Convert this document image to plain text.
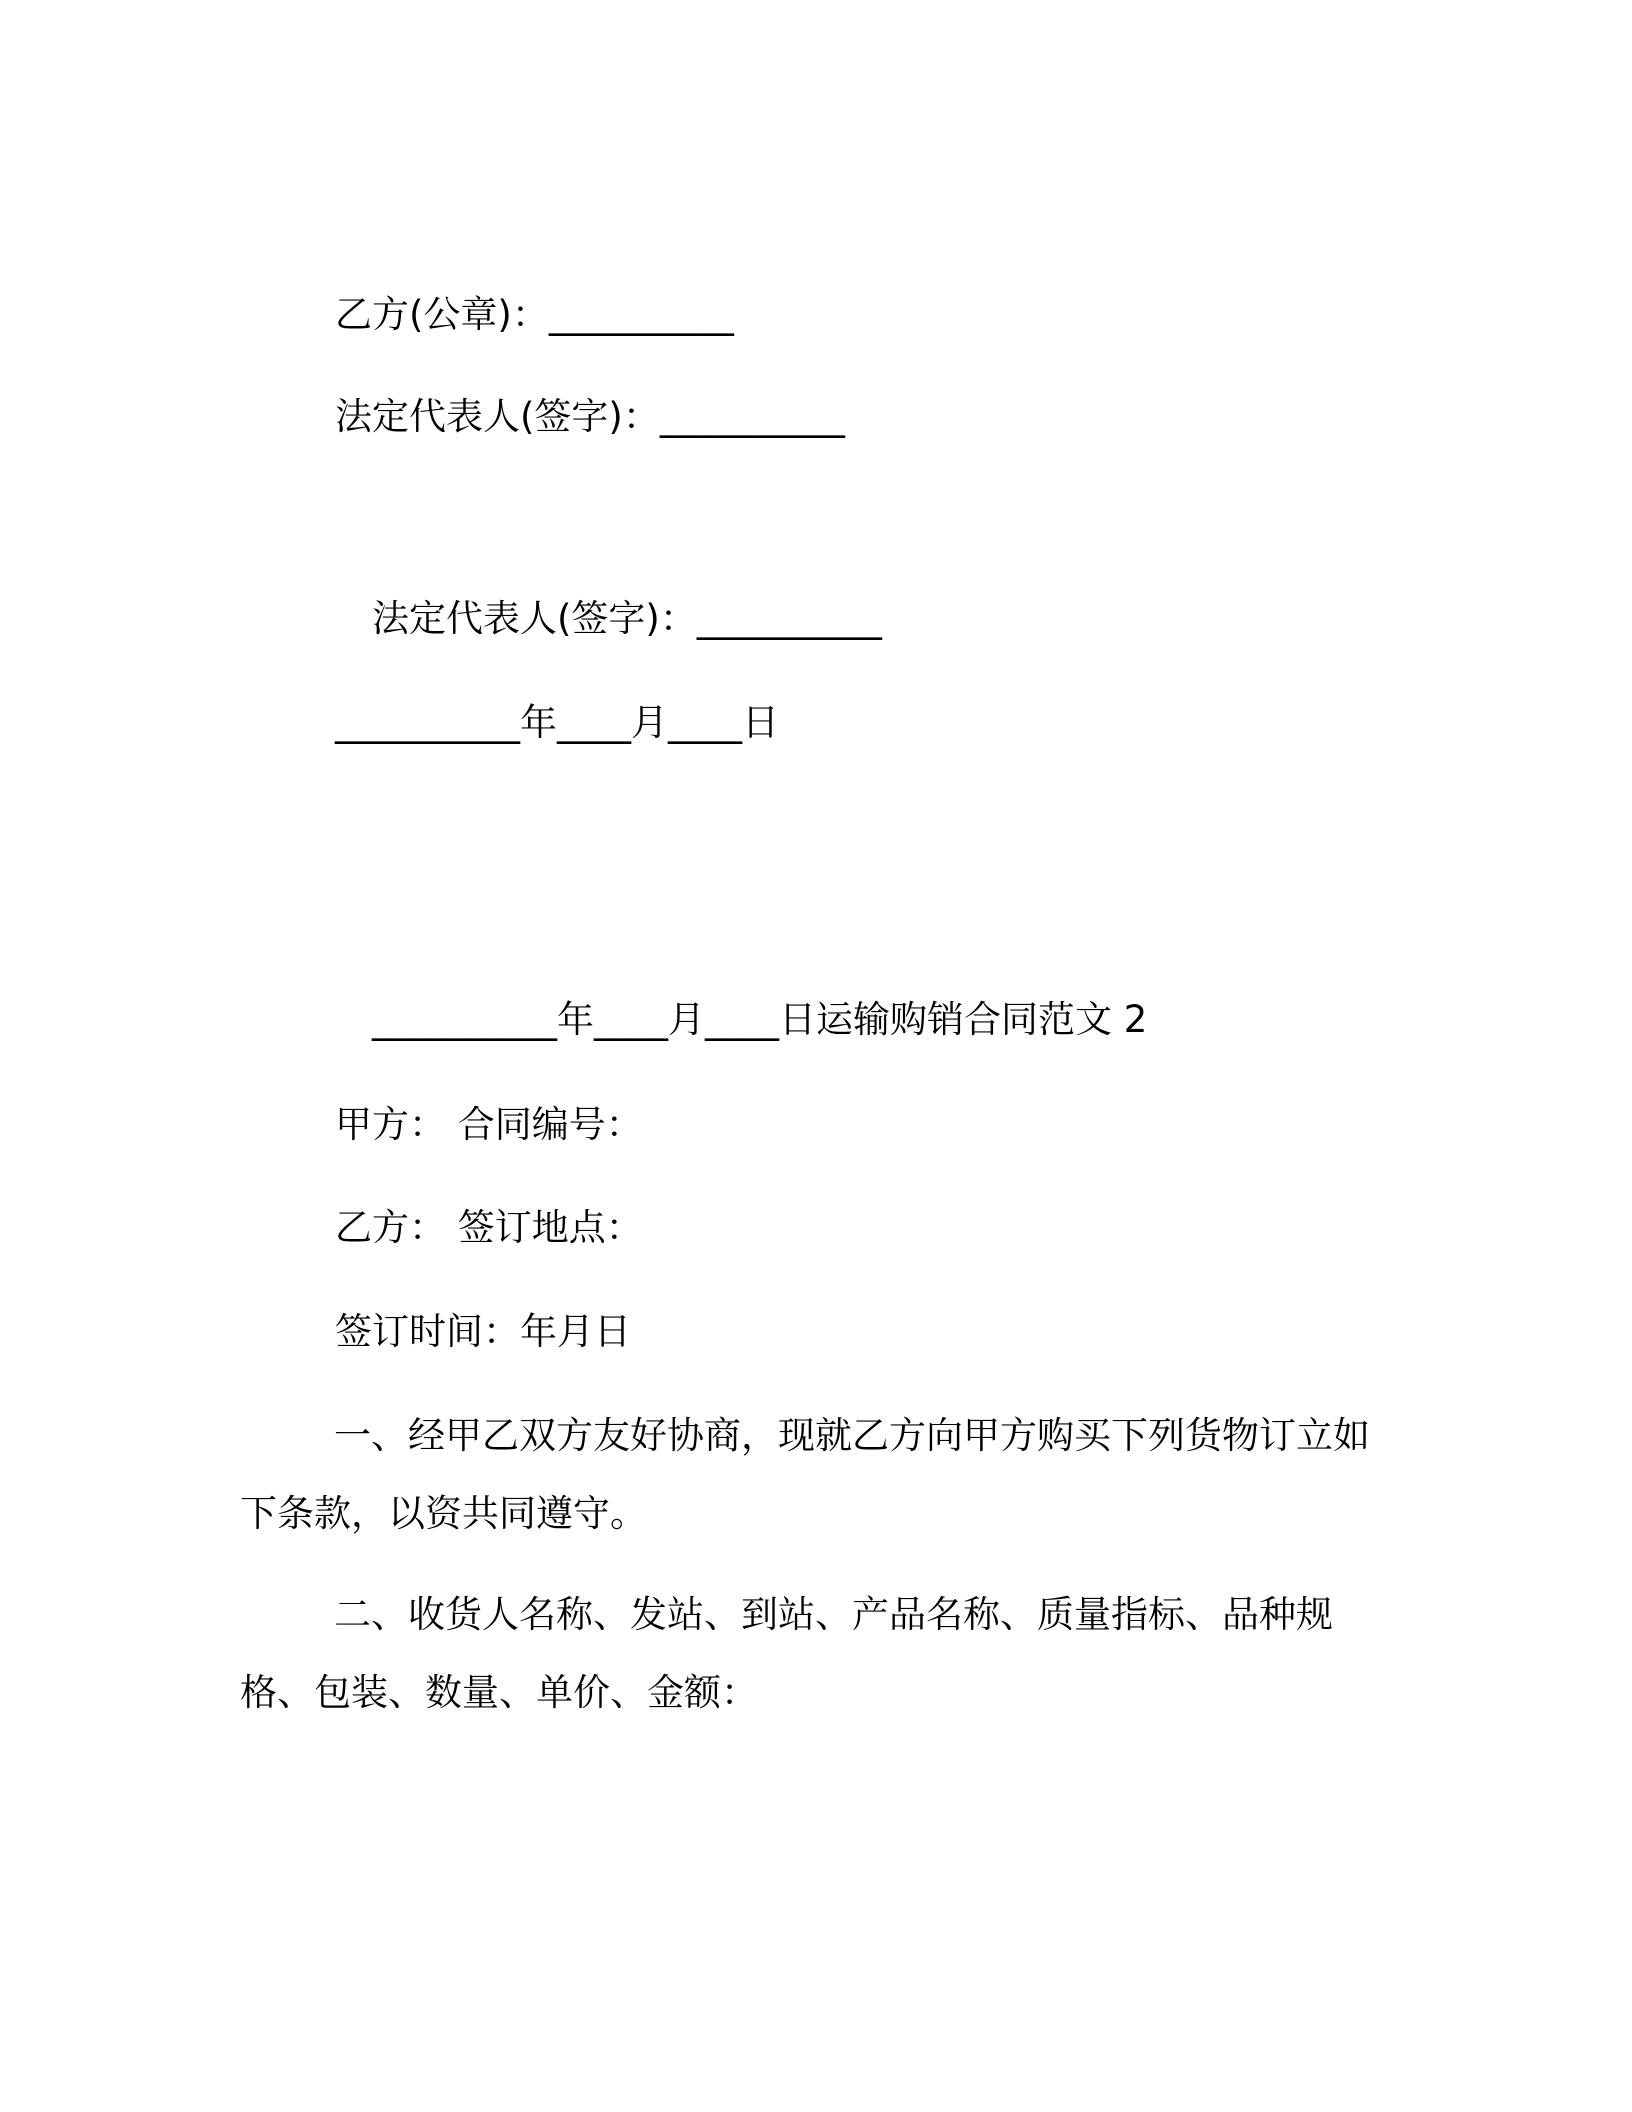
乙方(公章)：__________
法定代表人(签字)：__________
法定代表人(签字)：__________
__________年____月____日
__________年____月____日运输购销合同范文 2
甲方： 合同编号：
乙方： 签订地点：
签订时间：年月日
一、经甲乙双方友好协商，现就乙方向甲方购买下列货物订立如下条款，以资共同遵守。
二、收货人名称、发站、到站、产品名称、质量指标、品种规格、包装、数量、单价、金额：
